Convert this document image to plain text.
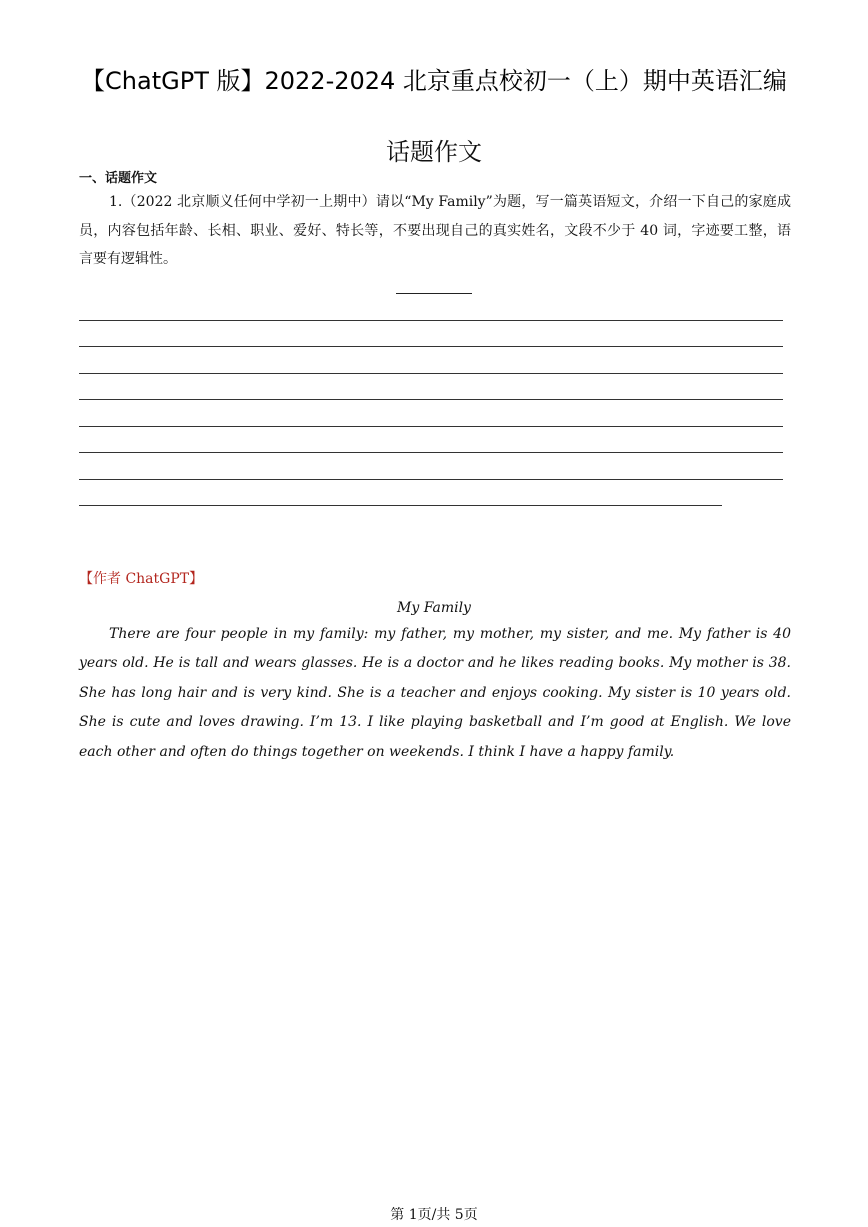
【ChatGPT 版】2022-2024 北京重点校初一（上）期中英语汇编
话题作文
一、话题作文

1.（2022 北京顺义任何中学初一上期中）请以“My Family”为题，写一篇英语短文，介绍一下自己的家庭成员，内容包括年龄、长相、职业、爱好、特长等，不要出现自己的真实姓名，文段不少于 40 词，字迹要工整，语言要有逻辑性。

【作者 ChatGPT】
My Family

There are four people in my family: my father, my mother, my sister, and me. My father is 40 years old. He is tall and wears glasses. He is a doctor and he likes reading books. My mother is 38. She has long hair and is very kind. She is a teacher and enjoys cooking. My sister is 10 years old. She is cute and loves drawing. I’m 13. I like playing basketball and I’m good at English. We love each other and often do things together on weekends. I think I have a happy family.

第 1页/共 5页
